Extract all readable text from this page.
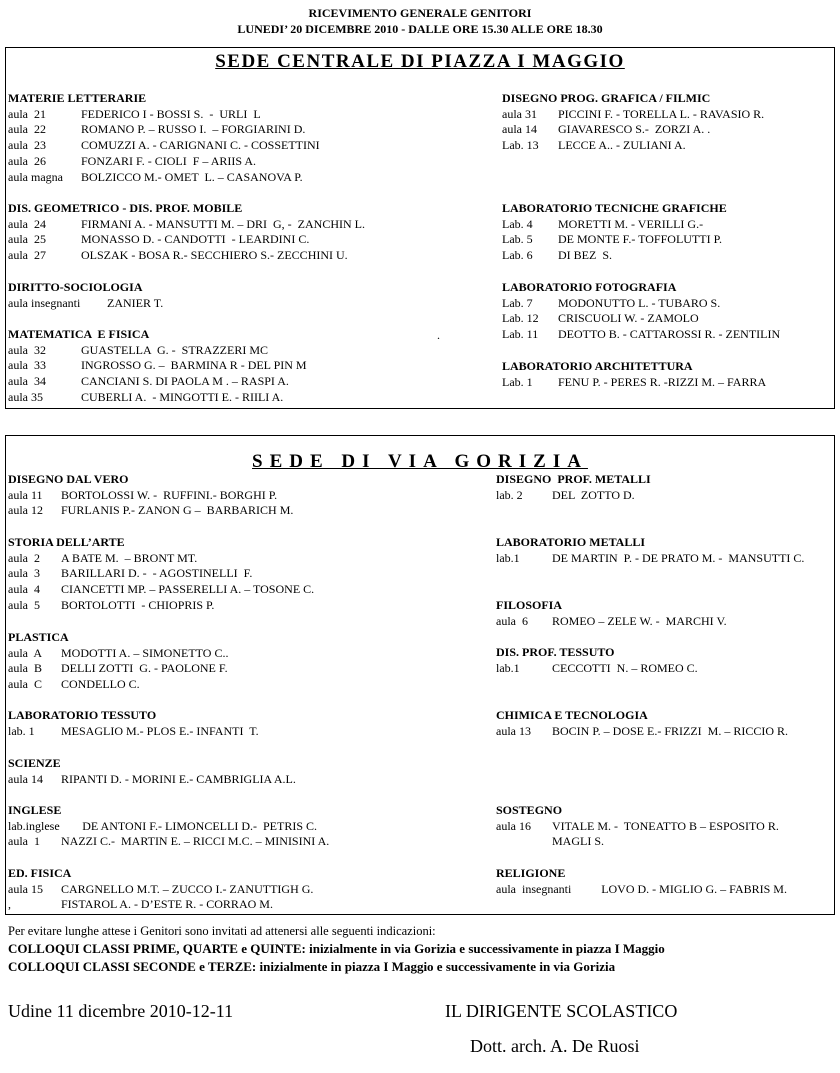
RICEVIMENTO GENERALE GENITORI
LUNEDI’ 20 DICEMBRE 2010 - DALLE ORE 15.30 ALLE ORE 18.30
SEDE CENTRALE DI PIAZZA I MAGGIO
.
SEDE DI VIA GORIZIA
MATERIE LETTERARIE
aula  21	FEDERICO I - BOSSI S.  -  URLI  L
aula  22	ROMANO P. – RUSSO I.  – FORGIARINI D.
aula  23	COMUZZI A. - CARIGNANI C. - COSSETTINI
aula  26	FONZARI F. - CIOLI  F – ARIIS A.
aula magna BOLZICCO M.- OMET  L. – CASANOVA P.
DIS. GEOMETRICO - DIS. PROF. MOBILE
aula  24	FIRMANI A. - MANSUTTI M. – DRI  G, -  ZANCHIN L.
aula  25	MONASSO D. - CANDOTTI  - LEARDINI C.
aula  27	OLSZAK - BOSA R.- SECCHIERO S.- ZECCHINI U.
DIRITTO-SOCIOLOGIA
aula insegnanti ZANIER T.
MATEMATICA  E FISICA
aula  32	GUASTELLA  G. -  STRAZZERI MC
aula  33	INGROSSO G. –  BARMINA R - DEL PIN M
aula  34	CANCIANI S. DI PAOLA M . – RASPI A.
aula 35	CUBERLI A.  - MINGOTTI E. - RIILI A.
DISEGNO PROG. GRAFICA / FILMIC
aula 31 PICCINI F. - TORELLA L. - RAVASIO R.
aula 14 GIAVARESCO S.-  ZORZI A. .
Lab. 13 LECCE A.. - ZULIANI A.
LABORATORIO TECNICHE GRAFICHE
Lab. 4 MORETTI M. - VERILLI G.-
Lab. 5 DE MONTE F.- TOFFOLUTTI P.
Lab. 6 DI BEZ  S.
LABORATORIO FOTOGRAFIA
Lab. 7 MODONUTTO L. - TUBARO S.
Lab. 12 CRISCUOLI W. - ZAMOLO
Lab. 11 DEOTTO B. - CATTAROSSI R. - ZENTILIN
LABORATORIO ARCHITETTURA
Lab. 1 FENU P. - PERES R. -RIZZI M. – FARRA
DISEGNO DAL VERO
aula 11 BORTOLOSSI W. -  RUFFINI.- BORGHI P.
aula 12 FURLANIS P.- ZANON G –  BARBARICH M.
STORIA DELL’ARTE
aula  2 A BATE M.  – BRONT MT.
aula  3 BARILLARI D. -  - AGOSTINELLI  F.
aula  4 CIANCETTI MP. – PASSERELLI A. – TOSONE C.
aula  5 BORTOLOTTI  - CHIOPRIS P.
PLASTICA
aula  A MODOTTI A. – SIMONETTO C..
aula  B DELLI ZOTTI  G. - PAOLONE F.
aula  C CONDELLO C.
LABORATORIO TESSUTO
lab. 1 MESAGLIO M.- PLOS E.- INFANTI  T.
SCIENZE
aula 14 RIPANTI D. - MORINI E.- CAMBRIGLIA A.L.
INGLESE
lab.inglese DE ANTONI F.- LIMONCELLI D.-  PETRIS C.
aula  1 NAZZI C.-  MARTIN E. – RICCI M.C. – MINISINI A.
ED. FISICA
aula 15 CARGNELLO M.T. – ZUCCO I.- ZANUTTIGH G.
,	FISTAROL A. - D’ESTE R. - CORRAO M.
DISEGNO  PROF. METALLI
lab. 2 DEL  ZOTTO D.
LABORATORIO METALLI
lab.1	DE MARTIN  P. - DE PRATO M. -  MANSUTTI C.
FILOSOFIA
aula  6 ROMEO – ZELE W. -  MARCHI V.
DIS. PROF. TESSUTO
lab.1	CECCOTTI  N. – ROMEO C.
CHIMICA E TECNOLOGIA
aula 13 BOCIN P. – DOSE E.- FRIZZI  M. – RICCIO R.
SOSTEGNO
aula 16 VITALE M. -  TONEATTO B – ESPOSITO R.
MAGLI S.
RELIGIONE
aula  insegnanti LOVO D. - MIGLIO G. – FABRIS M.
Per evitare lunghe attese i Genitori sono invitati ad attenersi alle seguenti indicazioni:
COLLOQUI CLASSI PRIME, QUARTE e QUINTE: inizialmente in via Gorizia e successivamente in piazza I Maggio
COLLOQUI CLASSI SECONDE e TERZE: inizialmente in piazza I Maggio e successivamente in via Gorizia
Udine 11 dicembre 2010-12-11	IL DIRIGENTE SCOLASTICO
Dott. arch. A. De Ruosi
